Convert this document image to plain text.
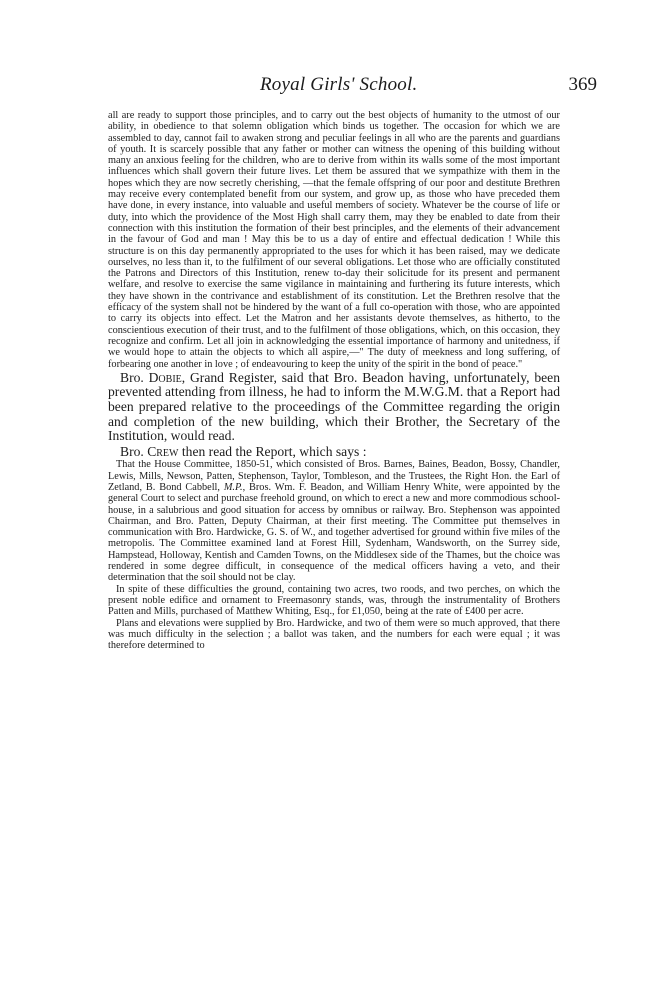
Royal Girls' School.	369

all are ready to support those principles, and to carry out the best objects of humanity to the utmost of our ability, in obedience to that solemn obligation which binds us together. The occasion for which we are assembled to day, cannot fail to awaken strong and peculiar feelings in all who are the parents and guardians of youth. It is scarcely possible that any father or mother can witness the opening of this building without many an anxious feeling for the children, who are to derive from within its walls some of the most important influences which shall govern their future lives. Let them be assured that we sympathize with them in the hopes which they are now secretly cherishing, —that the female offspring of our poor and destitute Brethren may receive every contemplated benefit from our system, and grow up, as those who have preceded them have done, in every instance, into valuable and useful members of society. Whatever be the course of life or duty, into which the providence of the Most High shall carry them, may they be enabled to date from their connection with this institution the formation of their best principles, and the elements of their advancement in the favour of God and man ! May this be to us a day of entire and effectual dedication ! While this structure is on this day permanently appropriated to the uses for which it has been raised, may we dedicate ourselves, no less than it, to the fulfilment of our several obligations. Let those who are officially constituted the Patrons and Directors of this Institution, renew to-day their solicitude for its present and permanent welfare, and resolve to exercise the same vigilance in maintaining and furthering its future interests, which they have shown in the contrivance and establishment of its constitution. Let the Brethren resolve that the efficacy of the system shall not be hindered by the want of a full co-operation with those, who are appointed to carry its objects into effect. Let the Matron and her assistants devote themselves, as hitherto, to the conscientious execution of their trust, and to the fulfilment of those obligations, which, on this occasion, they recognize and confirm. Let all join in acknowledging the essential importance of harmony and unitedness, if we would hope to attain the objects to which all aspire,—" The duty of meekness and long suffering, of forbearing one another in love ; of endeavouring to keep the unity of the spirit in the bond of peace."

Bro. Dobie, Grand Register, said that Bro. Beadon having, unfortunately, been prevented attending from illness, he had to inform the M.W.G.M. that a Report had been prepared relative to the proceedings of the Committee regarding the origin and completion of the new building, which their Brother, the Secretary of the Institution, would read.

Bro. Crew then read the Report, which says :

That the House Committee, 1850-51, which consisted of Bros. Barnes, Baines, Beadon, Bossy, Chandler, Lewis, Mills, Newson, Patten, Stephenson, Taylor, Tombleson, and the Trustees, the Right Hon. the Earl of Zetland, B. Bond Cabbell, M.P., Bros. Wm. F. Beadon, and William Henry White, were appointed by the general Court to select and purchase freehold ground, on which to erect a new and more commodious school-house, in a salubrious and good situation for access by omnibus or railway. Bro. Stephenson was appointed Chairman, and Bro. Patten, Deputy Chairman, at their first meeting. The Committee put themselves in communication with Bro. Hardwicke, G. S. of W., and together advertised for ground within five miles of the metropolis. The Committee examined land at Forest Hill, Sydenham, Wandsworth, on the Surrey side, Hampstead, Holloway, Kentish and Camden Towns, on the Middlesex side of the Thames, but the choice was rendered in some degree difficult, in consequence of the medical officers having a veto, and their determination that the soil should not be clay.

In spite of these difficulties the ground, containing two acres, two roods, and two perches, on which the present noble edifice and ornament to Freemasonry stands, was, through the instrumentality of Brothers Patten and Mills, purchased of Matthew Whiting, Esq., for £1,050, being at the rate of £400 per acre.

Plans and elevations were supplied by Bro. Hardwicke, and two of them were so much approved, that there was much difficulty in the selection ; a ballot was taken, and the numbers for each were equal ; it was therefore determined to
